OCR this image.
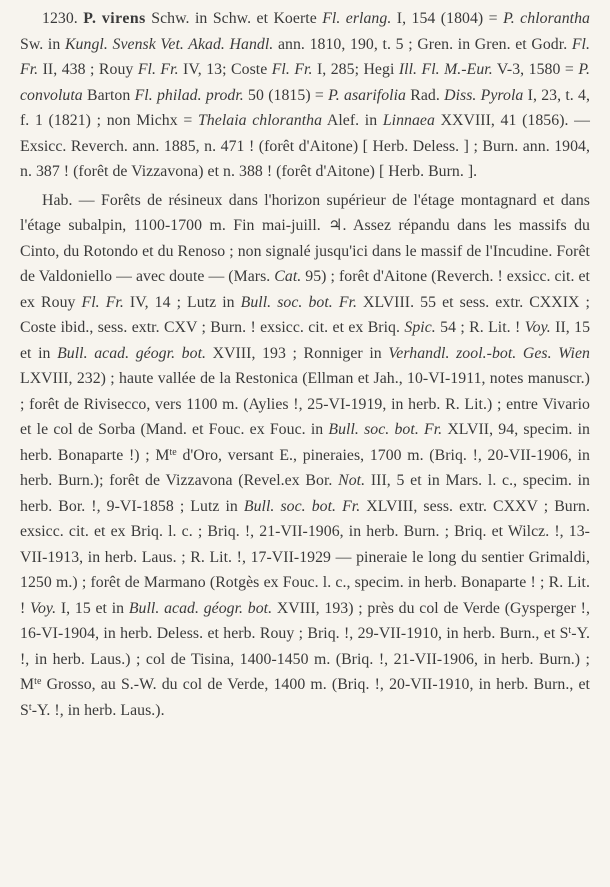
1230. P. virens Schw. in Schw. et Koerte Fl. erlang. I, 154 (1804) = P. chlorantha Sw. in Kungl. Svensk Vet. Akad. Handl. ann. 1810, 190, t. 5 ; Gren. in Gren. et Godr. Fl. Fr. II, 438 ; Rouy Fl. Fr. IV, 13; Coste Fl. Fr. I, 285; Hegi Ill. Fl. M.-Eur. V-3, 1580 = P. convoluta Barton Fl. philad. prodr. 50 (1815) = P. asarifolia Rad. Diss. Pyrola I, 23, t. 4, f. 1 (1821) ; non Michx = Thelaia chlorantha Alef. in Linnaea XXVIII, 41 (1856). — Exsicc. Reverch. ann. 1885, n. 471 ! (forêt d'Aitone) [ Herb. Deless. ] ; Burn. ann. 1904, n. 387 ! (forêt de Vizzavona) et n. 388 ! (forêt d'Aitone) [ Herb. Burn. ].

Hab. — Forêts de résineux dans l'horizon supérieur de l'étage montagnard et dans l'étage subalpin, 1100-1700 m. Fin mai-juill. ♃. Assez répandu dans les massifs du Cinto, du Rotondo et du Renoso ; non signalé jusqu'ici dans le massif de l'Incudine. Forêt de Valdoniello — avec doute — (Mars. Cat. 95) ; forêt d'Aitone (Reverch. ! exsicc. cit. et ex Rouy Fl. Fr. IV, 14 ; Lutz in Bull. soc. bot. Fr. XLVIII. 55 et sess. extr. CXXIX ; Coste ibid., sess. extr. CXV ; Burn. ! exsicc. cit. et ex Briq. Spic. 54 ; R. Lit. ! Voy. II, 15 et in Bull. acad. géogr. bot. XVIII, 193 ; Ronniger in Verhandl. zool.-bot. Ges. Wien LXVIII, 232) ; haute vallée de la Restonica (Ellman et Jah., 10-VI-1911, notes manuscr.) ; forêt de Rivisecco, vers 1100 m. (Aylies !, 25-VI-1919, in herb. R. Lit.) ; entre Vivario et le col de Sorba (Mand. et Fouc. ex Fouc. in Bull. soc. bot. Fr. XLVII, 94, specim. in herb. Bonaparte !) ; $M^{te}$ d'Oro, versant E., pineraies, 1700 m. (Briq. !, 20-VII-1906, in herb. Burn.); forêt de Vizzavona (Revel.ex Bor. Not. III, 5 et in Mars. l. c., specim. in herb. Bor. !, 9-VI-1858 ; Lutz in Bull. soc. bot. Fr. XLVIII, sess. extr. CXXV ; Burn. exsicc. cit. et ex Briq. l. c. ; Briq. !, 21-VII-1906, in herb. Burn. ; Briq. et Wilcz. !, 13-VII-1913, in herb. Laus. ; R. Lit. !, 17-VII-1929 — pineraie le long du sentier Grimaldi, 1250 m.) ; forêt de Marmano (Rotgès ex Fouc. l. c., specim. in herb. Bonaparte ! ; R. Lit. ! Voy. I, 15 et in Bull. acad. géogr. bot. XVIII, 193) ; près du col de Verde (Gysperger !, 16-VI-1904, in herb. Deless. et herb. Rouy ; Briq. !, 29-VII-1910, in herb. Burn., et $S^t-Y$. !, in herb. Laus.) ; col de Tisina, 1400-1450 m. (Briq. !, 21-VII-1906, in herb. Burn.) ; $M^{te}$ Grosso, au S.-W. du col de Verde, 1400 m. (Briq. !, 20-VII-1910, in herb. Burn., et $S^t-Y$. !, in herb. Laus.).
